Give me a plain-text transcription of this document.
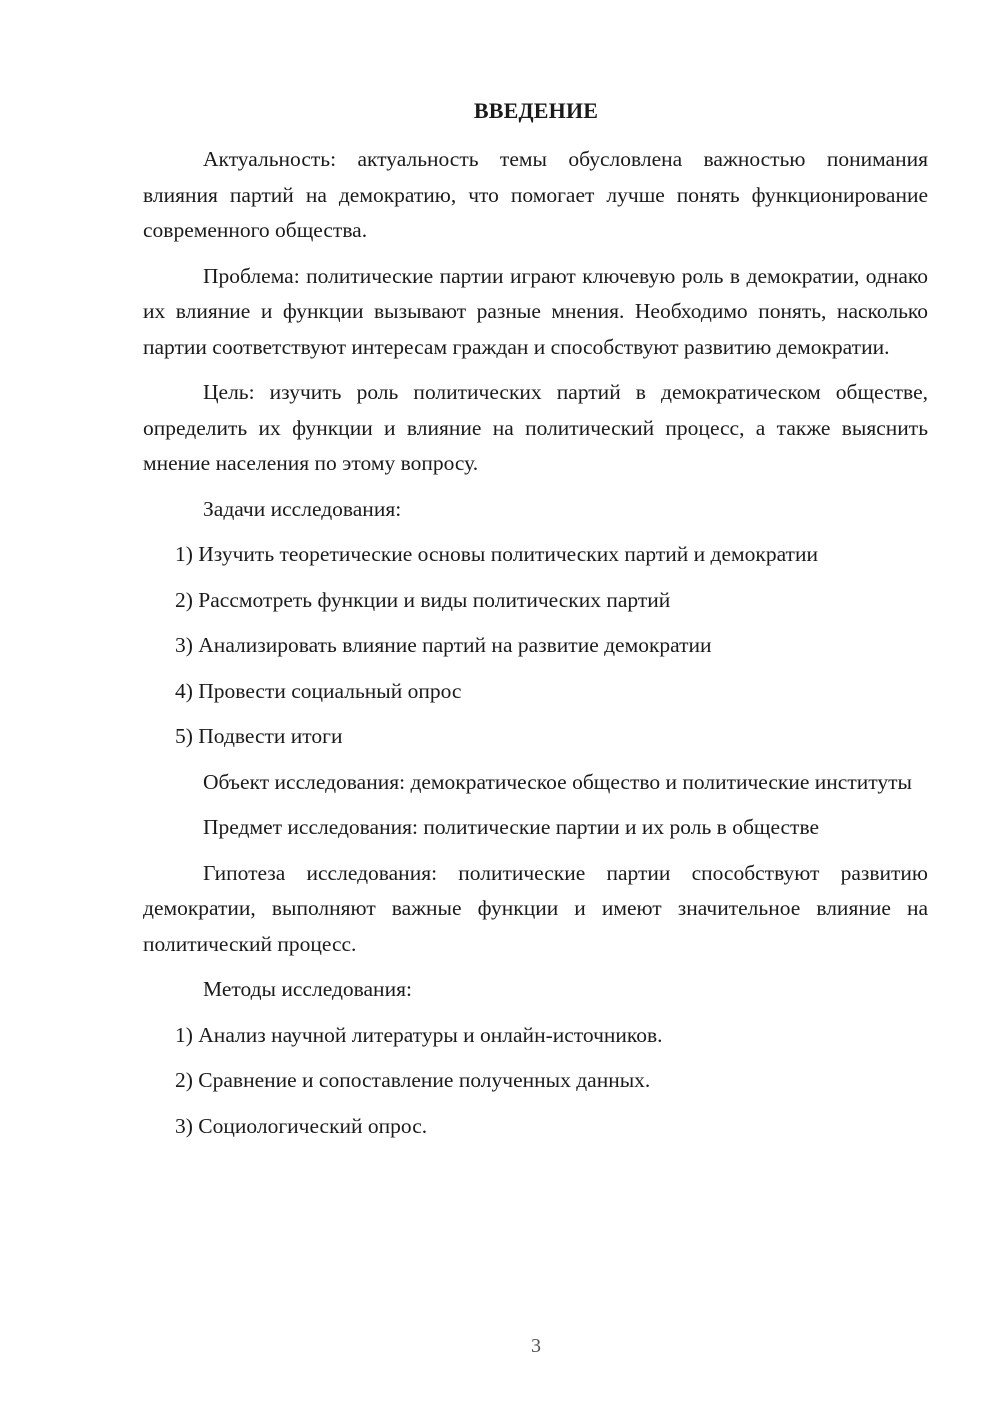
ВВЕДЕНИЕ

Актуальность: актуальность темы обусловлена важностью понимания влияния партий на демократию, что помогает лучше понять функционирование современного общества.

Проблема: политические партии играют ключевую роль в демократии, однако их влияние и функции вызывают разные мнения. Необходимо понять, насколько партии соответствуют интересам граждан и способствуют развитию демократии.

Цель: изучить роль политических партий в демократическом обществе, определить их функции и влияние на политический процесс, а также выяснить мнение населения по этому вопросу.

Задачи исследования:

1) Изучить теоретические основы политических партий и демократии
2) Рассмотреть функции и виды политических партий
3) Анализировать влияние партий на развитие демократии
4) Провести социальный опрос
5) Подвести итоги

Объект исследования: демократическое общество и политические институты

Предмет исследования: политические партии и их роль в обществе

Гипотеза исследования: политические партии способствуют развитию демократии, выполняют важные функции и имеют значительное влияние на политический процесс.

Методы исследования:

1) Анализ научной литературы и онлайн-источников.
2) Сравнение и сопоставление полученных данных.
3) Социологический опрос.
3
